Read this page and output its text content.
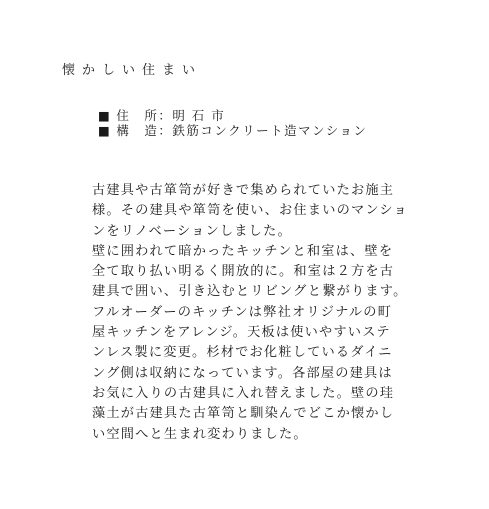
懐かしい住まい
■ 住　所：明 石 市
■ 構　造：鉄筋コンクリート造マンション
古建具や古箪笥が好きで集められていたお施主
様。その建具や箪笥を使い、お住まいのマンショ
ンをリノベーションしました。
壁に囲われて暗かったキッチンと和室は、壁を
全て取り払い明るく開放的に。和室は２方を古
建具で囲い、引き込むとリビングと繋がります。
フルオーダーのキッチンは弊社オリジナルの町
屋キッチンをアレンジ。天板は使いやすいステ
ンレス製に変更。杉材でお化粧しているダイニ
ング側は収納になっています。各部屋の建具は
お気に入りの古建具に入れ替えました。壁の珪
藻土が古建具た古箪笥と馴染んでどこか懐かし
い空間へと生まれ変わりました。
